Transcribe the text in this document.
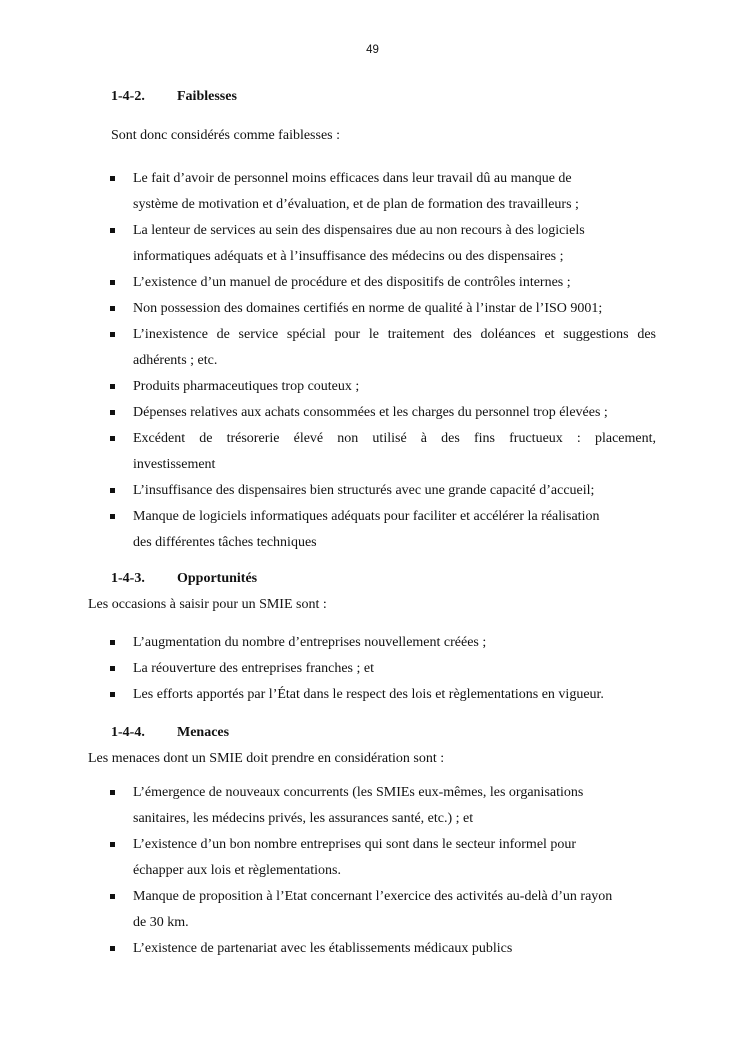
49
1-4-2. Faiblesses
Sont donc considérés comme faiblesses :
Le fait d’avoir de personnel moins efficaces dans leur travail dû au manque de
système de motivation et d’évaluation, et de plan de formation des travailleurs ;
La lenteur de services au sein des dispensaires due au non recours à des logiciels
informatiques adéquats et à l’insuffisance des médecins ou des dispensaires ;
L’existence d’un manuel de procédure et des dispositifs de contrôles internes ;
Non possession des domaines certifiés en norme de qualité à l’instar de l’ISO 9001;
L’inexistence de service spécial pour le traitement des doléances et suggestions des
adhérents ; etc.
Produits pharmaceutiques trop couteux ;
Dépenses relatives aux achats consommées et les charges du personnel trop élevées ;
Excédent de trésorerie élevé non utilisé à des fins fructueux : placement,
investissement
L’insuffisance des dispensaires bien structurés avec une grande capacité d’accueil;
Manque de logiciels informatiques adéquats pour faciliter et accélérer la réalisation
des différentes tâches techniques
1-4-3. Opportunités
Les occasions à saisir pour un SMIE sont :
L’augmentation du nombre d’entreprises nouvellement créées ;
La réouverture des entreprises franches ; et
Les efforts apportés par l’État dans le respect des lois et règlementations en vigueur.
1-4-4. Menaces
Les menaces dont un SMIE doit prendre en considération sont :
L’émergence de nouveaux concurrents (les SMIEs eux-mêmes, les organisations
sanitaires, les médecins privés, les assurances santé, etc.) ; et
L’existence d’un bon nombre entreprises qui sont dans le secteur informel pour
échapper aux lois et règlementations.
Manque de proposition à l’Etat concernant l’exercice des activités au-delà d’un rayon
de 30 km.
L’existence de partenariat avec les établissements médicaux publics
